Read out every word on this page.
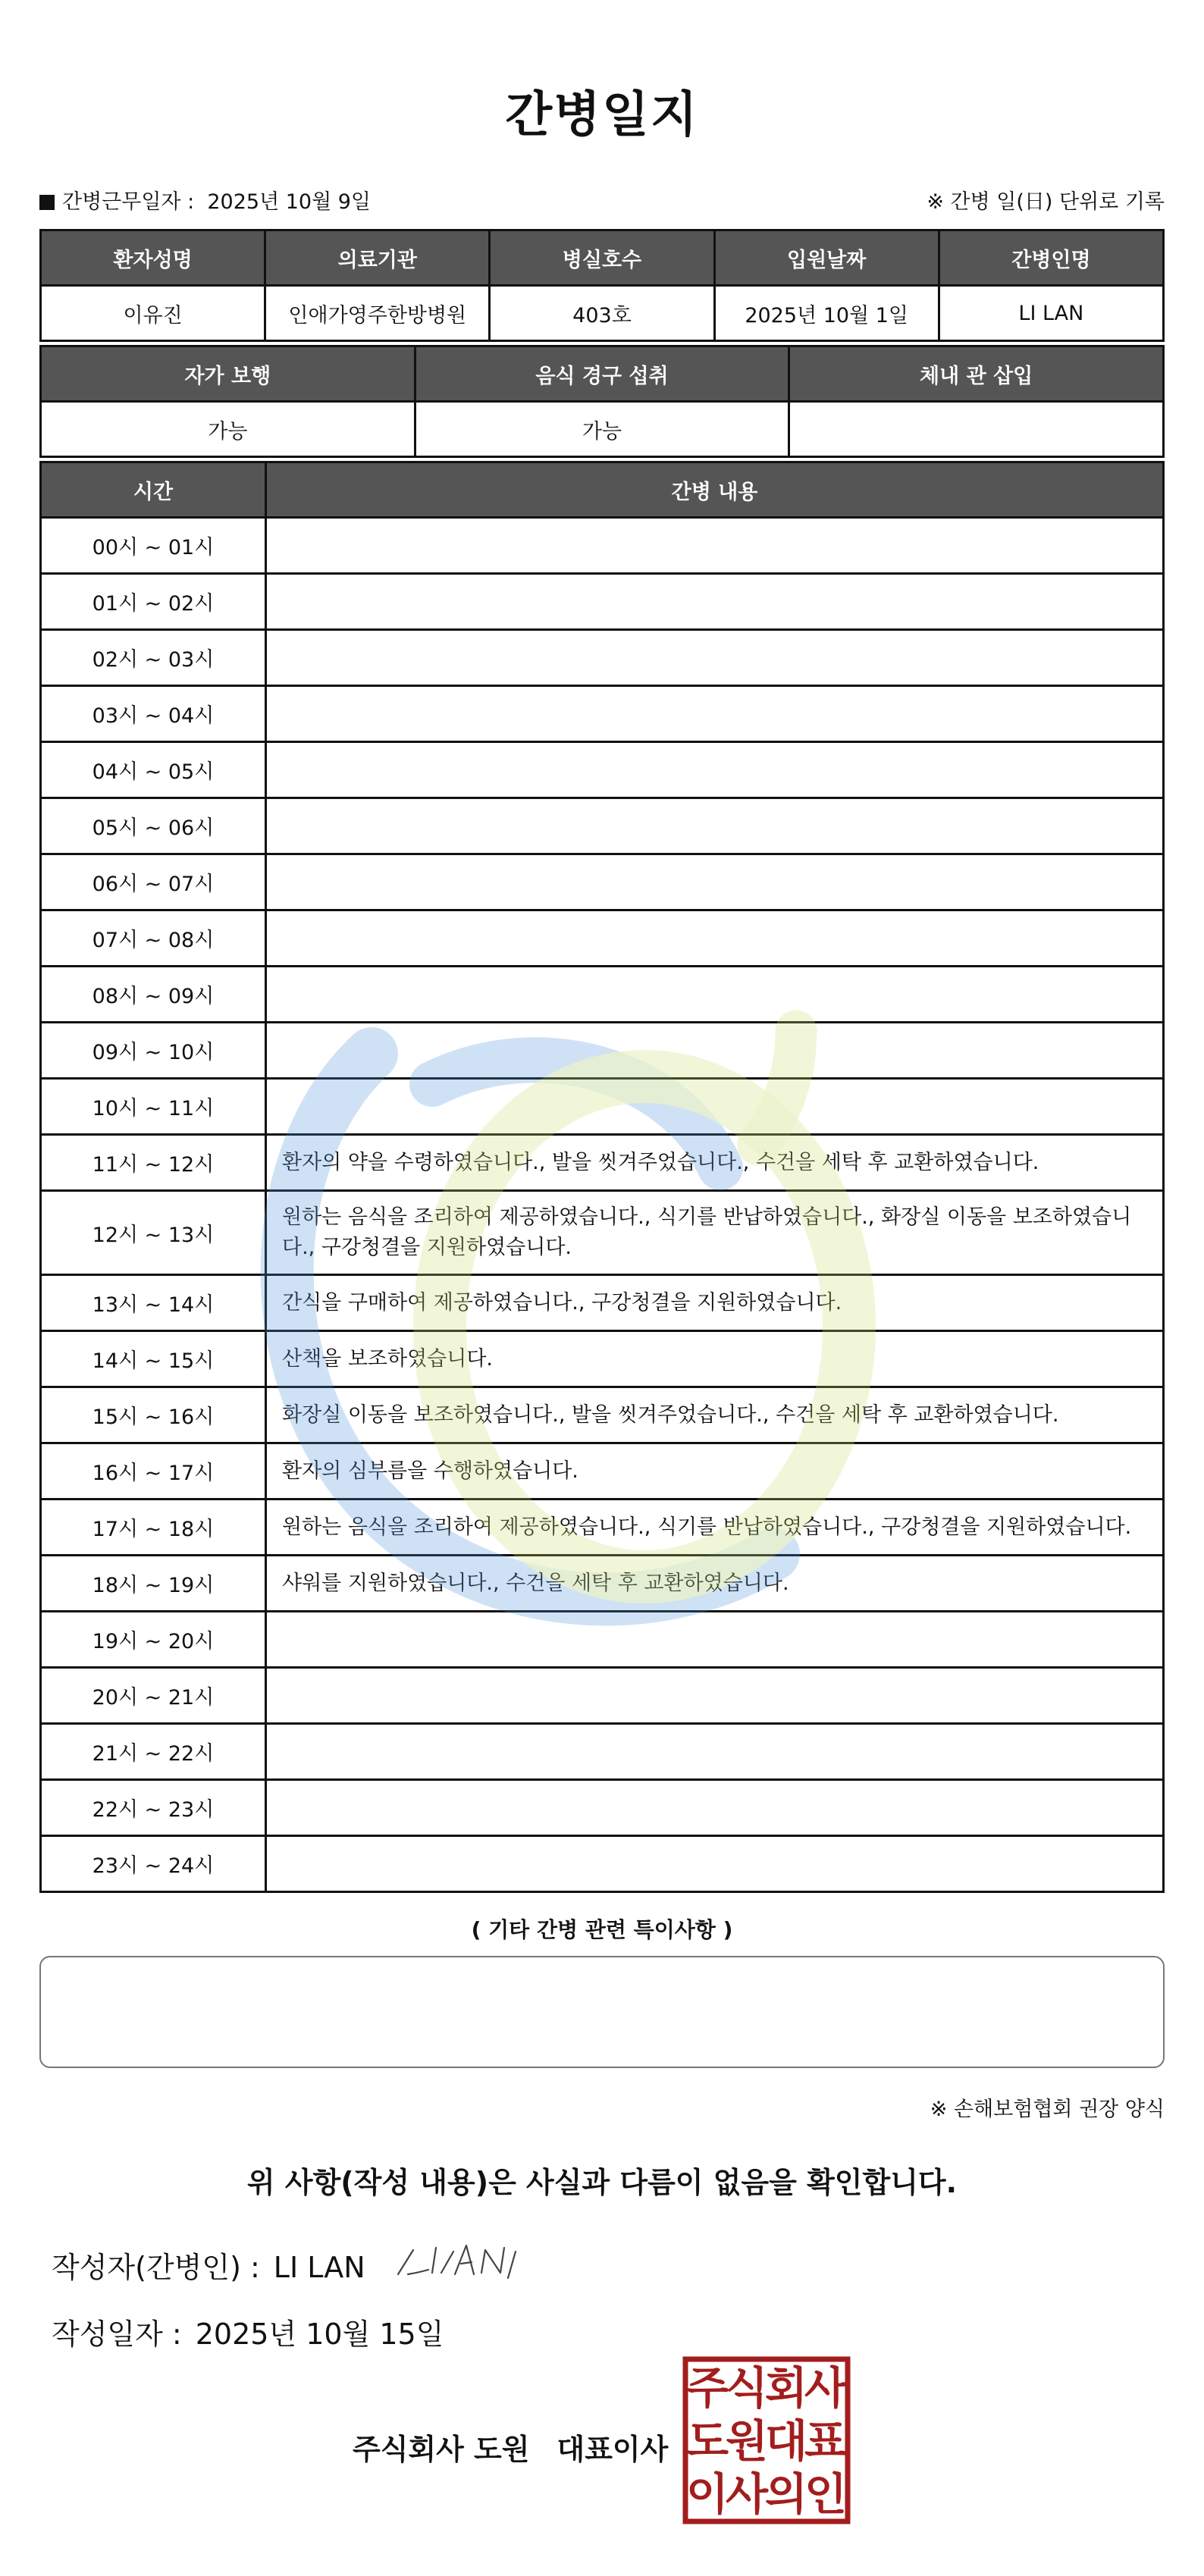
간병일지
간병근무일자 :  2025년 10월 9일	※ 간병 일(日) 단위로 기록
환자성명	의료기관	병실호수	입원날짜	간병인명
이유진	인애가영주한방병원	403호	2025년 10월 1일	LI LAN
자가 보행	음식 경구 섭취	체내 관 삽입
가능	가능	
시간	간병 내용
00시 ~ 01시	
01시 ~ 02시	
02시 ~ 03시	
03시 ~ 04시	
04시 ~ 05시	
05시 ~ 06시	
06시 ~ 07시	
07시 ~ 08시	
08시 ~ 09시	
09시 ~ 10시	
10시 ~ 11시	
11시 ~ 12시	환자의 약을 수령하였습니다., 발을 씻겨주었습니다., 수건을 세탁 후 교환하였습니다.
12시 ~ 13시	원하는 음식을 조리하여 제공하였습니다., 식기를 반납하였습니다., 화장실 이동을 보조하였습니다., 구강청결을 지원하였습니다.
13시 ~ 14시	간식을 구매하여 제공하였습니다., 구강청결을 지원하였습니다.
14시 ~ 15시	산책을 보조하였습니다.
15시 ~ 16시	화장실 이동을 보조하였습니다., 발을 씻겨주었습니다., 수건을 세탁 후 교환하였습니다.
16시 ~ 17시	환자의 심부름을 수행하였습니다.
17시 ~ 18시	원하는 음식을 조리하여 제공하였습니다., 식기를 반납하였습니다., 구강청결을 지원하였습니다.
18시 ~ 19시	샤워를 지원하였습니다., 수건을 세탁 후 교환하였습니다.
19시 ~ 20시	
20시 ~ 21시	
21시 ~ 22시	
22시 ~ 23시	
23시 ~ 24시	
( 기타 간병 관련 특이사항 )
※ 손해보험협회 권장 양식
위 사항(작성 내용)은 사실과 다름이 없음을 확인합니다.
작성자(간병인) : LI LAN
작성일자 : 2025년 10월 15일
주식회사 도원 대표이사
주
식
회
사
도
원
대
표
이
사
의
인
